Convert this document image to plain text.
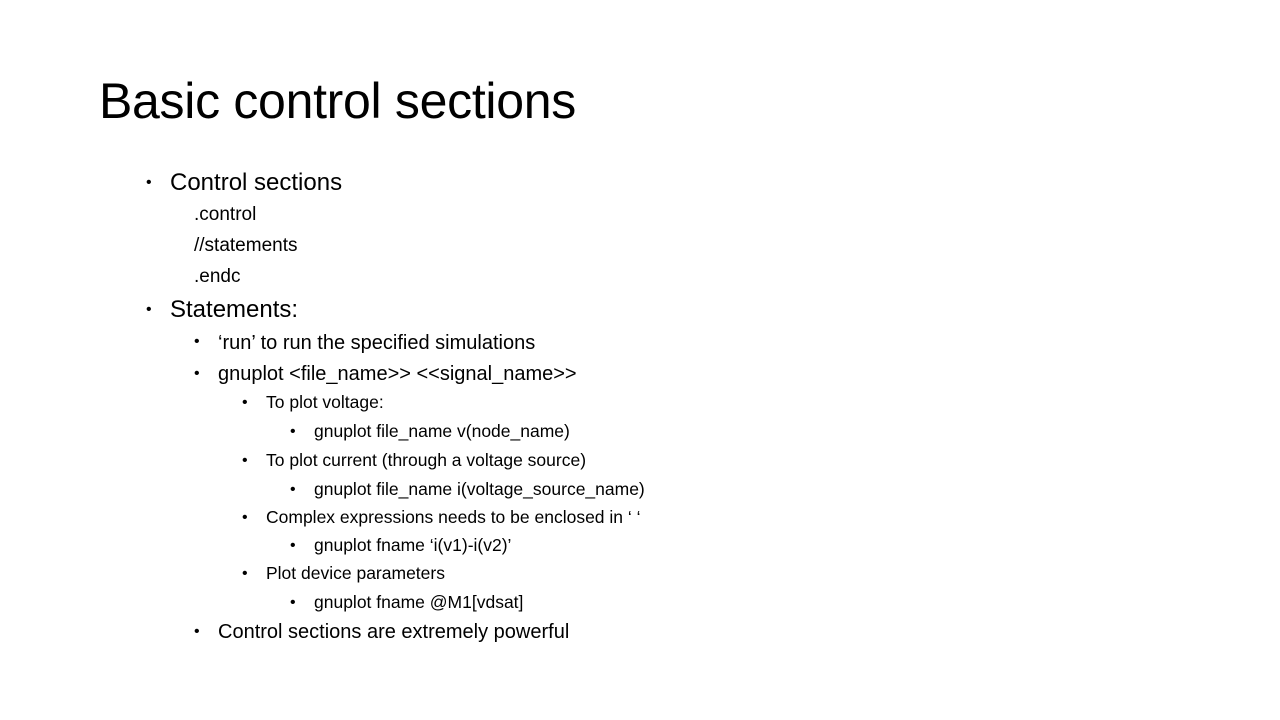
Basic control sections
• Control sections
.control
//statements
.endc
• Statements:
• ‘run’ to run the specified simulations
• gnuplot <file_name>> <<signal_name>>
• To plot voltage:
• gnuplot file_name v(node_name)
• To plot current (through a voltage source)
• gnuplot file_name i(voltage_source_name)
• Complex expressions needs to be enclosed in ‘ ‘
• gnuplot fname ‘i(v1)-i(v2)’
• Plot device parameters
• gnuplot fname @M1[vdsat]
• Control sections are extremely powerful
